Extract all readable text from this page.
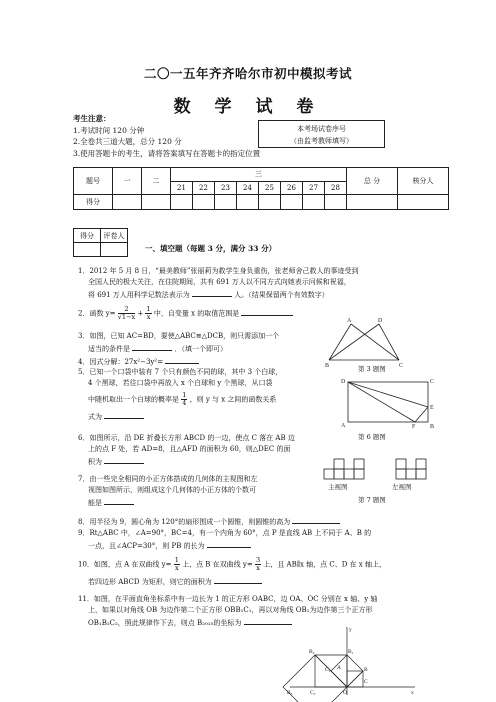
二〇一五年齐齐哈尔市初中模拟考试
数 学 试 卷
考生注意：
1.考试时间 120 分钟
2.全卷共三道大题，总分 120 分
3.使用答题卡的考生，请将答案填写在答题卡的指定位置
本考场试卷序号
（由监考教师填写）
题号	一	二	三								总 分	核分人
			21	22	23	24	25	26	27	28		
得分												
得分	评卷人

一、填空题（每题 3 分，满分 33 分）
1．2012 年 5 月 8 日，“最美教师”张丽莉为救学生身负重伤，张老师舍己救人的事迹受到
全国人民的极大关注，在住院期间，共有 691 万人以不同方式向她表示问候和祝福，
将 691 万人用科学记数法表示为	人。（结果保留两个有效数字）
2．函数 $y= \frac{2}{√1-x} + \frac{1}{x}$ 中，自变量 x 的取值范围是
3．如图，已知 AC=BD，要使△ABC≌△DCB，则只需添加一个
适当的条件是	．（填一个即可）
4．因式分解：27x²−3y²=
5．已知一个口袋中装有 7 个只有颜色不同的球，其中 3 个白球，
4 个黑球，若往口袋中再放入 x 个白球和 y 个黑球，从口袋
中随机取出一个白球的概率是 $\frac{1}{4}$ ，则 y 与 x 之间的函数关系
式为
6．如图所示，沿 DE 折叠长方形 ABCD 的一边，使点 C 落在 AB 边
上的点 F 处，若 AD=8，且△AFD 的面积为 60，则△DEC 的面
积为
7．由一些完全相同的小正方体搭成的几何体的主视图和左
视图如图所示，则组成这个几何体的小正方体的个数可
能是
8．用半径为 9，圆心角为 120°的扇形围成一个圆锥，则圆锥的高为
9．Rt△ABC 中，∠A=90°，BC=4，有一个内角为 60°，点 P 是直线 AB 上不同于 A、B 的
一点，且∠ACP=30°，则 PB 的长为
10．如图，点 A 在双曲线 $y= \frac{1}{x}$ 上，点 B 在双曲线 $y= \frac{3}{x}$ 上，且 AB∥x 轴，点 C、D 在 x 轴上，
若四边形 ABCD 为矩形，则它的面积为
11．如图，在平面直角坐标系中有一边长为 1 的正方形 OABC，边 OA、OC 分别在 x 轴、y 轴
上，如果以对角线 OB 为边作第二个正方形 OBB₁C₁，再以对角线 OB₁为边作第三个正方形
OB₁B₂C₂，照此规律作下去，则点 B₂₀₁₅的坐标为
A	D
B	C
第 3 题图
D	C
E
A	F B
第 6 题图
主视图	左视图
第 7 题图
y
x
B₂	B₁
C₁ A	B
C
B₃	C₂	O
